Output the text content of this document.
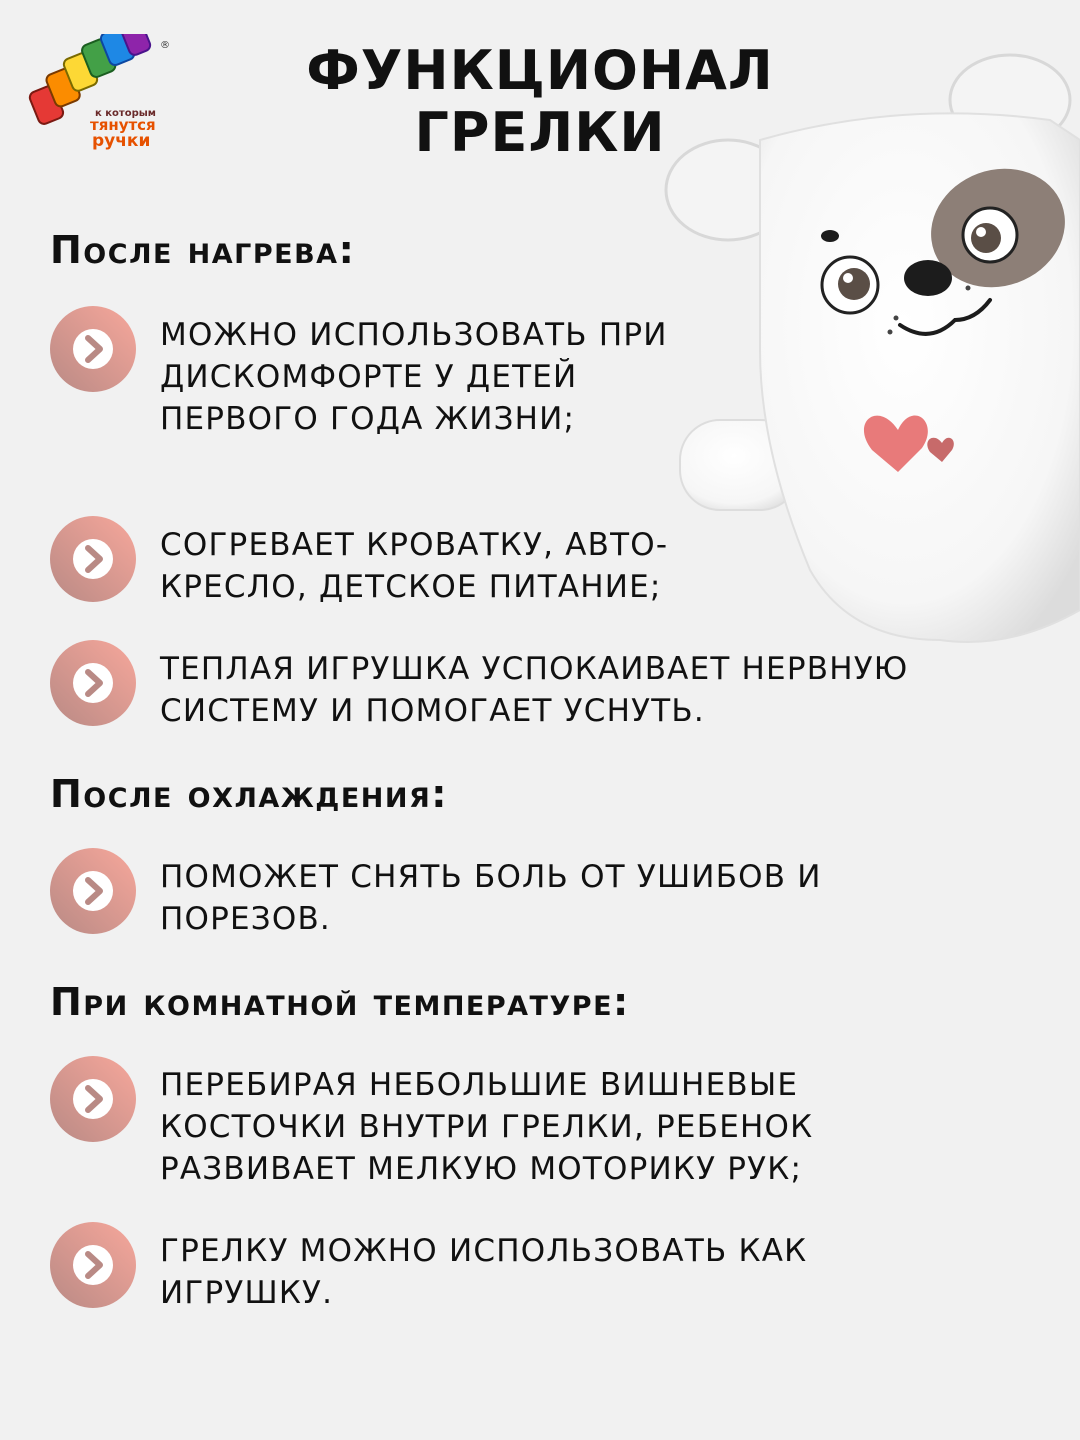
®
к которым
тянутся
ручки
ФУНКЦИОНАЛ
ГРЕЛКИ
После нагрева:

МОЖНО ИСПОЛЬЗОВАТЬ ПРИ ДИСКОМФОРТЕ У ДЕТЕЙ ПЕРВОГО ГОДА ЖИЗНИ;

СОГРЕВАЕТ КРОВАТКУ, АВТО-КРЕСЛО, ДЕТСКОЕ ПИТАНИЕ;

ТЕПЛАЯ ИГРУШКА УСПОКАИВАЕТ НЕРВНУЮ СИСТЕМУ И ПОМОГАЕТ УСНУТЬ.

После охлаждения:

ПОМОЖЕТ СНЯТЬ БОЛЬ ОТ УШИБОВ И ПОРЕЗОВ.

При комнатной температуре:

ПЕРЕБИРАЯ НЕБОЛЬШИЕ ВИШНЕВЫЕ КОСТОЧКИ ВНУТРИ ГРЕЛКИ, РЕБЕНОК РАЗВИВАЕТ МЕЛКУЮ МОТОРИКУ РУК;

ГРЕЛКУ МОЖНО ИСПОЛЬЗОВАТЬ КАК ИГРУШКУ.
